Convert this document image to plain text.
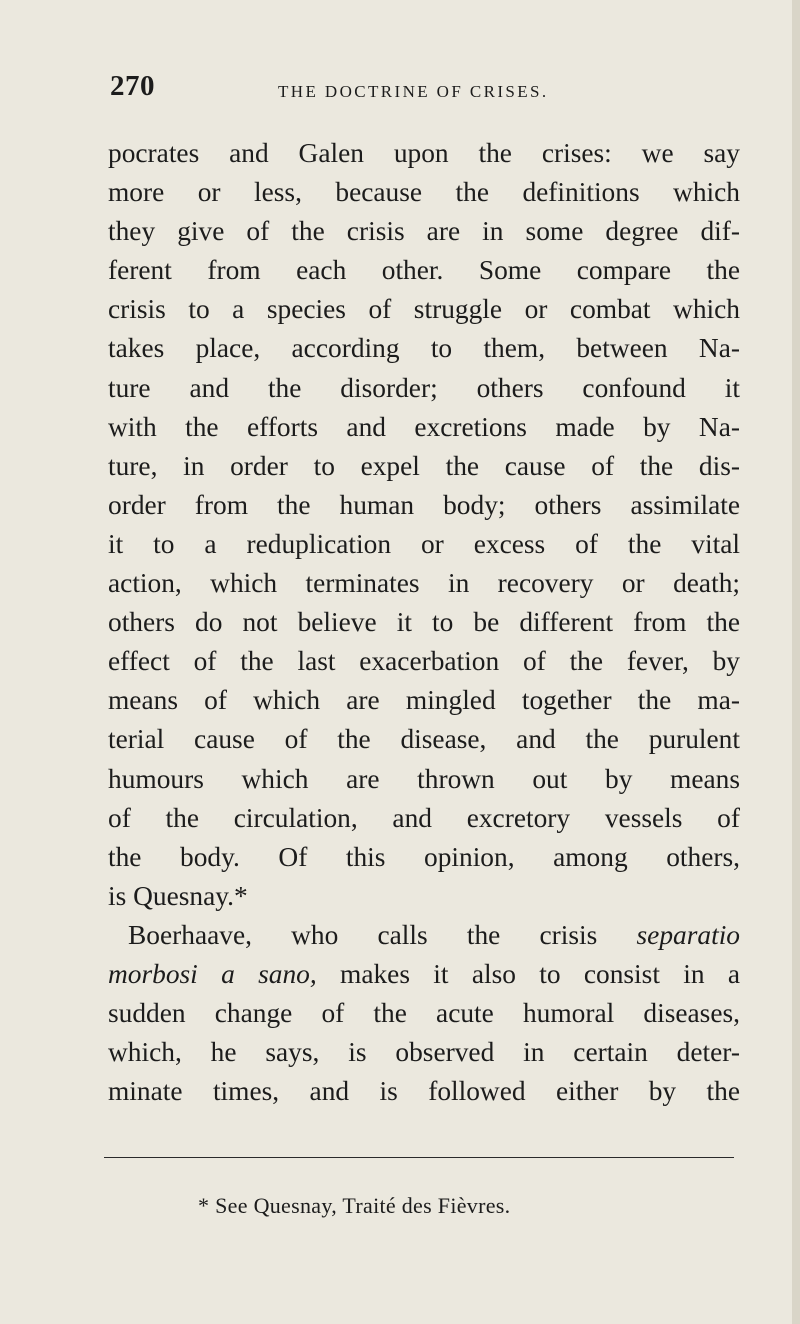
270	THE DOCTRINE OF CRISES.
pocrates and Galen upon the crises: we say
more or less, because the definitions which
they give of the crisis are in some degree dif-
ferent from each other. Some compare the
crisis to a species of struggle or combat which
takes place, according to them, between Na-
ture and the disorder; others confound it
with the efforts and excretions made by Na-
ture, in order to expel the cause of the dis-
order from the human body; others assimilate
it to a reduplication or excess of the vital
action, which terminates in recovery or death;
others do not believe it to be different from the
effect of the last exacerbation of the fever, by
means of which are mingled together the ma-
terial cause of the disease, and the purulent
humours which are thrown out by means
of the circulation, and excretory vessels of
the body. Of this opinion, among others,
is Quesnay.*
Boerhaave, who calls the crisis separatio
morbosi a sano, makes it also to consist in a
sudden change of the acute humoral diseases,
which, he says, is observed in certain deter-
minate times, and is followed either by the
* See Quesnay, Traité des Fièvres.
